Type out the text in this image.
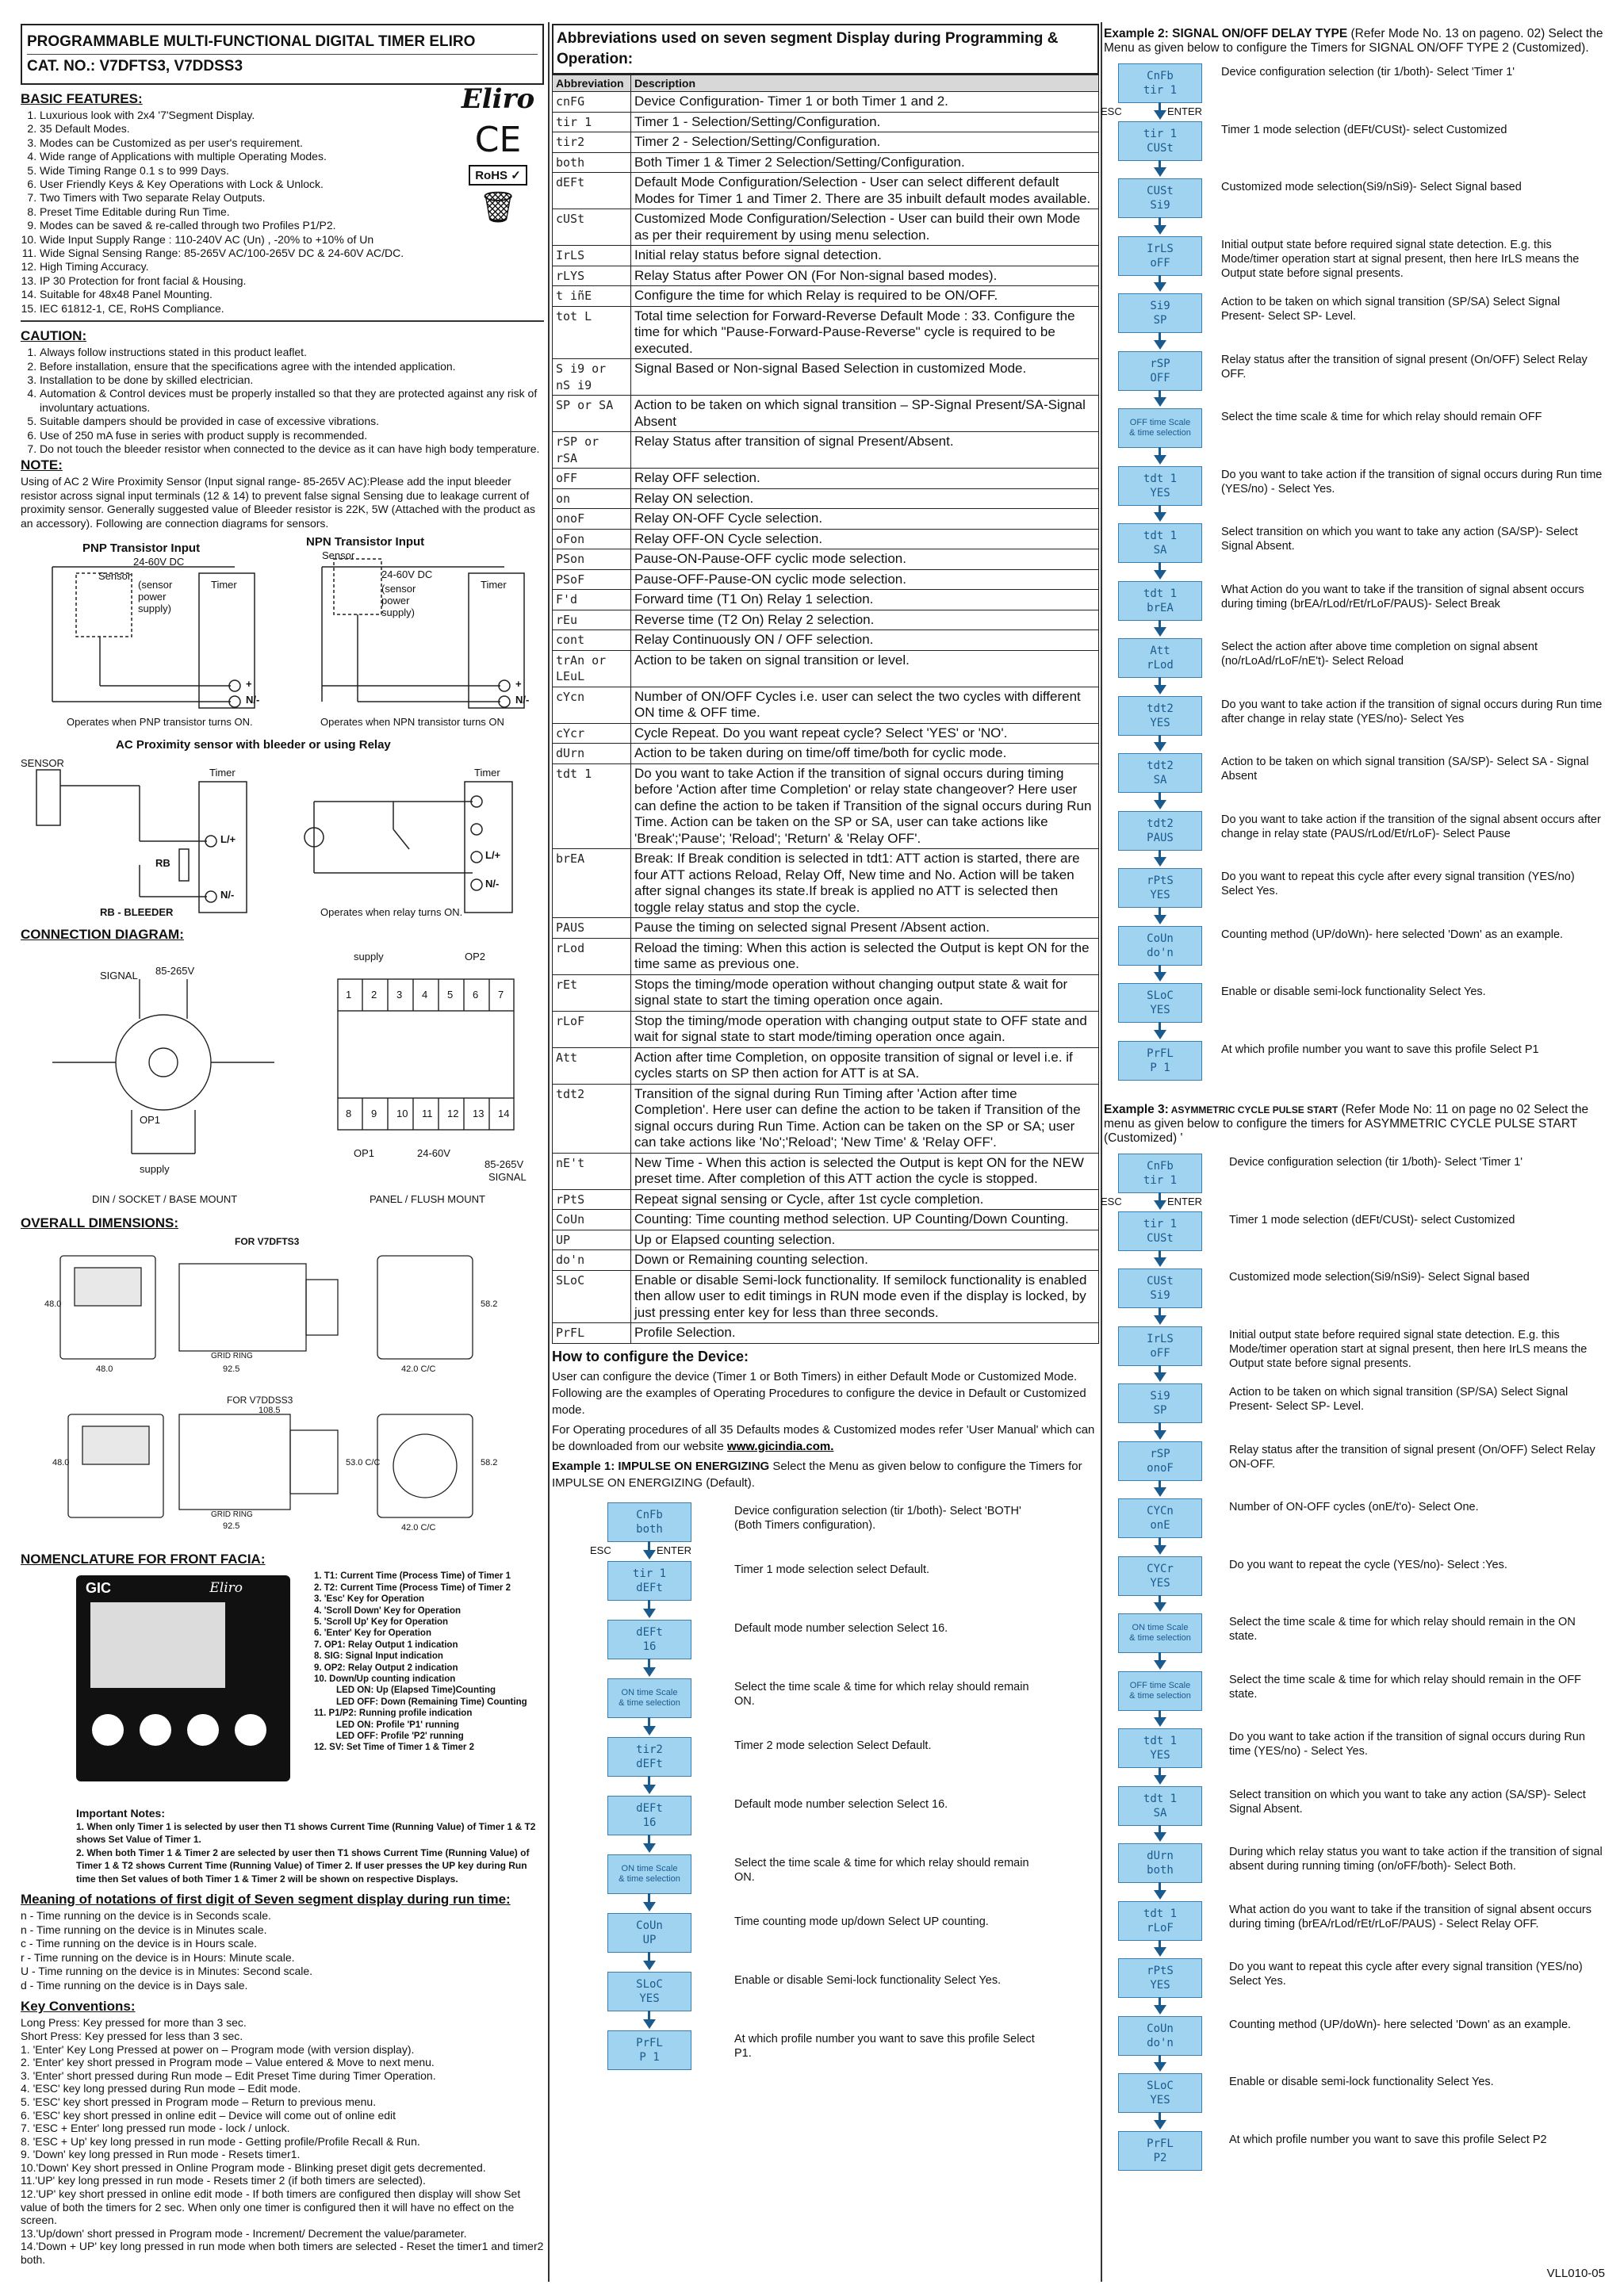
PROGRAMMABLE MULTI-FUNCTIONAL DIGITAL TIMER ELIRO
CAT. NO.: V7DFTS3, V7DDSS3
Eliro
CE
RoHS ✓
🗑
BASIC FEATURES:
1. Luxurious look with 2x4 '7'Segment Display.
2. 35 Default Modes.
3. Modes can be Customized as per user's requirement.
4. Wide range of Applications with multiple Operating Modes.
5. Wide Timing Range 0.1 s to 999 Days.
6. User Friendly Keys & Key Operations with Lock & Unlock.
7. Two Timers with Two separate Relay Outputs.
8. Preset Time Editable during Run Time.
9. Modes can be saved & re-called through two Profiles P1/P2.
10. Wide Input Supply Range : 110-240V AC (Un) , -20% to +10% of Un
11. Wide Signal Sensing Range: 85-265V AC/100-265V DC & 24-60V AC/DC.
12. High Timing Accuracy.
13. IP 30 Protection for front facial & Housing.
14. Suitable for 48x48 Panel Mounting.
15. IEC 61812-1, CE, RoHS Compliance.
CAUTION:
1. Always follow instructions stated in this product leaflet.
2. Before installation, ensure that the specifications agree with the intended application.
3. Installation to be done by skilled electrician.
4. Automation & Control devices must be properly installed so that they are protected against any risk of involuntary actuations.
5. Suitable dampers should be provided in case of excessive vibrations.
6. Use of 250 mA fuse in series with product supply is recommended.
7. Do not touch the bleeder resistor when connected to the device as it can have high body temperature.
NOTE:
Using of AC 2 Wire Proximity Sensor (Input signal range- 85-265V AC):Please add the input bleeder resistor across signal input terminals (12 & 14) to prevent false signal Sensing due to leakage current of proximity sensor. Generally suggested value of Bleeder resistor is 22K, 5W (Attached with the product as an accessory). Following are connection diagrams for sensors.
PNP Transistor Input	NPN Transistor Input
24-60V DC
24-60V DC
Sensor
Sensor
(sensor power supply)
(sensor power supply)
Timer	Timer
+
N/-
+
N/-
Operates when PNP transistor turns ON.	Operates when NPN transistor turns ON
AC Proximity sensor with bleeder or using Relay
SENSOR
Timer	Timer
L/+
N/-
L/+
N/-
RB
RB - BLEEDER	Operates when relay turns ON.
CONNECTION DIAGRAM:
SIGNAL 85-265V
OP1
supply
supply	OP2
OP1	24-60V
85-265V
SIGNAL
1 2 3 4 5 6 7
8 9 10 11 12 13 14
DIN / SOCKET / BASE MOUNT	PANEL / FLUSH MOUNT
OVERALL DIMENSIONS:
FOR V7DFTS3
FOR V7DDSS3
48.0	92.5	42.0 C/C
58.2
48.0
GRID RING
108.5
48.0
92.5	42.0 C/C
53.0 C/C	58.2
GRID RING
NOMENCLATURE FOR FRONT FACIA:
GIC	Eliro
1. T1: Current Time (Process Time) of Timer 1
2. T2: Current Time (Process Time) of Timer 2
3. 'Esc' Key for Operation
4. 'Scroll Down' Key for Operation
5. 'Scroll Up' Key for Operation
6. 'Enter' Key for Operation
7. OP1: Relay Output 1 indication
8. SIG: Signal Input indication
9. OP2: Relay Output 2 indication
10. Down/Up counting indication
LED ON: Up (Elapsed Time)Counting
LED OFF: Down (Remaining Time) Counting
11. P1/P2: Running profile indication
LED ON: Profile 'P1' running
LED OFF: Profile 'P2' running
12. SV: Set Time of Timer 1 & Timer 2
Important Notes:
1. When only Timer 1 is selected by user then T1 shows Current Time (Running Value) of Timer 1 & T2 shows Set Value of Timer 1.
2. When both Timer 1 & Timer 2 are selected by user then T1 shows Current Time (Running Value) of Timer 1 & T2 shows Current Time (Running Value) of Timer 2. If user presses the UP key during Run time then Set values of both Timer 1 & Timer 2 will be shown on respective Displays.
Meaning of notations of first digit of Seven segment display during run time:
n - Time running on the device is in Seconds scale.
n - Time running on the device is in Minutes scale.
c - Time running on the device is in Hours scale.
r - Time running on the device is in Hours: Minute scale.
U - Time running on the device is in Minutes: Second scale.
d - Time running on the device is in Days sale.
Key Conventions:
Long Press: Key pressed for more than 3 sec.
Short Press: Key pressed for less than 3 sec.
1. 'Enter' Key Long Pressed at power on – Program mode (with version display).
2. 'Enter' key short pressed in Program mode – Value entered & Move to next menu.
3. 'Enter' short pressed during Run mode – Edit Preset Time during Timer Operation.
4. 'ESC' key long pressed during Run mode – Edit mode.
5. 'ESC' key short pressed in Program mode – Return to previous menu.
6. 'ESC' key short pressed in online edit – Device will come out of online edit
7. 'ESC + Enter' long pressed run mode - lock / unlock.
8. 'ESC + Up' key long pressed in run mode - Getting profile/Profile Recall & Run.
9. 'Down' key long pressed in Run mode - Resets timer1.
10.'Down' Key short pressed in Online Program mode - Blinking preset digit gets decremented.
11.'UP' key long pressed in run mode - Resets timer 2 (if both timers are selected).
12.'UP' key short pressed in online edit mode - If both timers are configured then display will show Set value of both the timers for 2 sec. When only one timer is configured then it will have no effect on the screen.
13.'Up/down' short pressed in Program mode - Increment/ Decrement the value/parameter.
14.'Down + UP' key long pressed in run mode when both timers are selected - Reset the timer1 and timer2 both.
Abbreviations used on seven segment Display during Programming & Operation:
Abbreviation	Description
cnFG	Device Configuration- Timer 1 or both Timer 1 and 2.
tir 1	Timer 1 - Selection/Setting/Configuration.
tir2	Timer 2 - Selection/Setting/Configuration.
both	Both Timer 1 & Timer 2 Selection/Setting/Configuration.
dEFt	Default Mode Configuration/Selection - User can select different default Modes for Timer 1 and Timer 2. There are 35 inbuilt default modes available.
cUSt	Customized Mode Configuration/Selection - User can build their own Mode as per their requirement by using menu selection.
IrLS	Initial relay status before signal detection.
rLYS	Relay Status after Power ON (For Non-signal based modes).
t iñE	Configure the time for which Relay is required to be ON/OFF.
tot L	Total time selection for Forward-Reverse Default Mode : 33. Configure the time for which "Pause-Forward-Pause-Reverse" cycle is required to be executed.
S i9 or nS i9	Signal Based or Non-signal Based Selection in customized Mode.
SP or SA	Action to be taken on which signal transition – SP-Signal Present/SA-Signal Absent
rSP or rSA	Relay Status after transition of signal Present/Absent.
oFF	Relay OFF selection.
on	Relay ON selection.
onoF	Relay ON-OFF Cycle selection.
oFon	Relay OFF-ON Cycle selection.
PSon	Pause-ON-Pause-OFF cyclic mode selection.
PSoF	Pause-OFF-Pause-ON cyclic mode selection.
F'd	Forward time (T1 On) Relay 1 selection.
rEu	Reverse time (T2 On) Relay 2 selection.
cont	Relay Continuously ON / OFF selection.
trAn or LEuL	Action to be taken on signal transition or level.
cYcn	Number of ON/OFF Cycles i.e. user can select the two cycles with different ON time & OFF time.
cYcr	Cycle Repeat. Do you want repeat cycle? Select 'YES' or 'NO'.
dUrn	Action to be taken during on time/off time/both for cyclic mode.
tdt 1	Do you want to take Action if the transition of signal occurs during timing before 'Action after time Completion' or relay state changeover? Here user can define the action to be taken if Transition of the signal occurs during Run Time. Action can be taken on the SP or SA, user can take actions like 'Break';'Pause'; 'Reload'; 'Return' & 'Relay OFF'.
brEA	Break: If Break condition is selected in tdt1: ATT action is started, there are four ATT actions Reload, Relay Off, New time and No. Action will be taken after signal changes its state.If break is applied no ATT is selected then toggle relay status and stop the cycle.
PAUS	Pause the timing on selected signal Present /Absent action.
rLod	Reload the timing: When this action is selected the Output is kept ON for the time same as previous one.
rEt	Stops the timing/mode operation without changing output state & wait for signal state to start the timing operation once again.
rLoF	Stop the timing/mode operation with changing output state to OFF state and wait for signal state to start mode/timing operation once again.
Att	Action after time Completion, on opposite transition of signal or level i.e. if cycles starts on SP then action for ATT is at SA.
tdt2	Transition of the signal during Run Timing after 'Action after time Completion'. Here user can define the action to be taken if Transition of the signal occurs during Run Time. Action can be taken on the SP or SA; user can take actions like 'No';'Reload'; 'New Time' & 'Relay OFF'.
nE't	New Time - When this action is selected the Output is kept ON for the NEW preset time. After completion of this ATT action the cycle is stopped.
rPtS	Repeat signal sensing or Cycle, after 1st cycle completion.
CoUn	Counting: Time counting method selection. UP Counting/Down Counting.
UP	Up or Elapsed counting selection.
do'n	Down or Remaining counting selection.
SLoC	Enable or disable Semi-lock functionality. If semilock functionality is enabled then allow user to edit timings in RUN mode even if the display is locked, by just pressing enter key for less than three seconds.
PrFL	Profile Selection.
How to configure the Device:

User can configure the device (Timer 1 or Both Timers) in either Default Mode or Customized Mode. Following are the examples of Operating Procedures to configure the device in Default or Customized mode.

For Operating procedures of all 35 Defaults modes & Customized modes refer 'User Manual' which can be downloaded from our website www.gicindia.com.

Example 1: IMPULSE ON ENERGIZING Select the Menu as given below to configure the Timers for IMPULSE ON ENERGIZING (Default).

CnFb
both
Device configuration selection (tir 1/both)- Select 'BOTH' (Both Timers configuration).
ESC	ENTER
tir 1
dEFt
Timer 1 mode selection select Default.
dEFt
16
Default mode number selection Select 16.
ON time Scale
& time selection
Select the time scale & time for which relay should remain ON.
tir2
dEFt
Timer 2 mode selection Select Default.
dEFt
16
Default mode number selection Select 16.
ON time Scale
& time selection
Select the time scale & time for which relay should remain ON.
CoUn
UP
Time counting mode up/down Select UP counting.
SLoC
YES
Enable or disable Semi-lock functionality Select Yes.
PrFL
P 1
At which profile number you want to save this profile Select P1.
Example 2: SIGNAL ON/OFF DELAY TYPE (Refer Mode No. 13 on pageno. 02) Select the Menu as given below to configure the Timers for SIGNAL ON/OFF TYPE 2 (Customized).
CnFb
tir 1
Device configuration selection (tir 1/both)- Select 'Timer 1'
ESC	ENTER
tir 1
CUSt
Timer 1 mode selection (dEFt/CUSt)- select Customized
CUSt
Si9
Customized mode selection(Si9/nSi9)- Select Signal based
IrLS
oFF
Initial output state before required signal state detection. E.g. this Mode/timer operation start at signal present, then here IrLS means the Output state before signal presents.
Si9
SP
Action to be taken on which signal transition (SP/SA) Select Signal Present- Select SP- Level.
rSP
OFF
Relay status after the transition of signal present (On/OFF) Select Relay OFF.
OFF time Scale
& time selection
Select the time scale & time for which relay should remain OFF
tdt 1
YES
Do you want to take action if the transition of signal occurs during Run time (YES/no) - Select Yes.
tdt 1
SA
Select transition on which you want to take any action (SA/SP)- Select Signal Absent.
tdt 1
brEA
What Action do you want to take if the transition of signal absent occurs during timing (brEA/rLod/rEt/rLoF/PAUS)- Select Break
Att
rLod
Select the action after above time completion on signal absent (no/rLoAd/rLoF/nE't)- Select Reload
tdt2
YES
Do you want to take action if the transition of signal occurs during Run time after change in relay state (YES/no)- Select Yes
tdt2
SA
Action to be taken on which signal transition (SA/SP)- Select SA - Signal Absent
tdt2
PAUS
Do you want to take action if the transition of the signal absent occurs after change in relay state (PAUS/rLod/Et/rLoF)- Select Pause
rPtS
YES
Do you want to repeat this cycle after every signal transition (YES/no) Select Yes.
CoUn
do'n
Counting method (UP/doWn)- here selected 'Down' as an example.
SLoC
YES
Enable or disable semi-lock functionality Select Yes.
PrFL
P 1
At which profile number you want to save this profile Select P1
Example 3: ASYMMETRIC CYCLE PULSE START (Refer Mode No: 11 on page no 02 Select the menu as given below to configure the timers for ASYMMETRIC CYCLE PULSE START (Customized) '
CnFb
tir 1
Device configuration selection (tir 1/both)- Select 'Timer 1'
ESC	ENTER
tir 1
CUSt
Timer 1 mode selection (dEFt/CUSt)- select Customized
CUSt
Si9
Customized mode selection(Si9/nSi9)- Select Signal based
IrLS
oFF
Initial output state before required signal state detection. E.g. this Mode/timer operation start at signal present, then here IrLS means the Output state before signal presents.
Si9
SP
Action to be taken on which signal transition (SP/SA) Select Signal Present- Select SP- Level.
rSP
onoF
Relay status after the transition of signal present (On/OFF) Select Relay ON-OFF.
CYCn
onE
Number of ON-OFF cycles (onE/t'o)- Select One.
CYCr
YES
Do you want to repeat the cycle (YES/no)- Select :Yes.
ON time Scale
& time selection
Select the time scale & time for which relay should remain in the ON state.
OFF time Scale
& time selection
Select the time scale & time for which relay should remain in the OFF state.
tdt 1
YES
Do you want to take action if the transition of signal occurs during Run time (YES/no) - Select Yes.
tdt 1
SA
Select transition on which you want to take any action (SA/SP)- Select Signal Absent.
dUrn
both
During which relay status you want to take action if the transition of signal absent during running timing (on/oFF/both)- Select Both.
tdt 1
rLoF
What action do you want to take if the transition of signal absent occurs during timing (brEA/rLod/rEt/rLoF/PAUS) - Select Relay OFF.
rPtS
YES
Do you want to repeat this cycle after every signal transition (YES/no) Select Yes.
CoUn
do'n
Counting method (UP/doWn)- here selected 'Down' as an example.
SLoC
YES
Enable or disable semi-lock functionality Select Yes.
PrFL
P2
At which profile number you want to save this profile Select P2
VLL010-05
